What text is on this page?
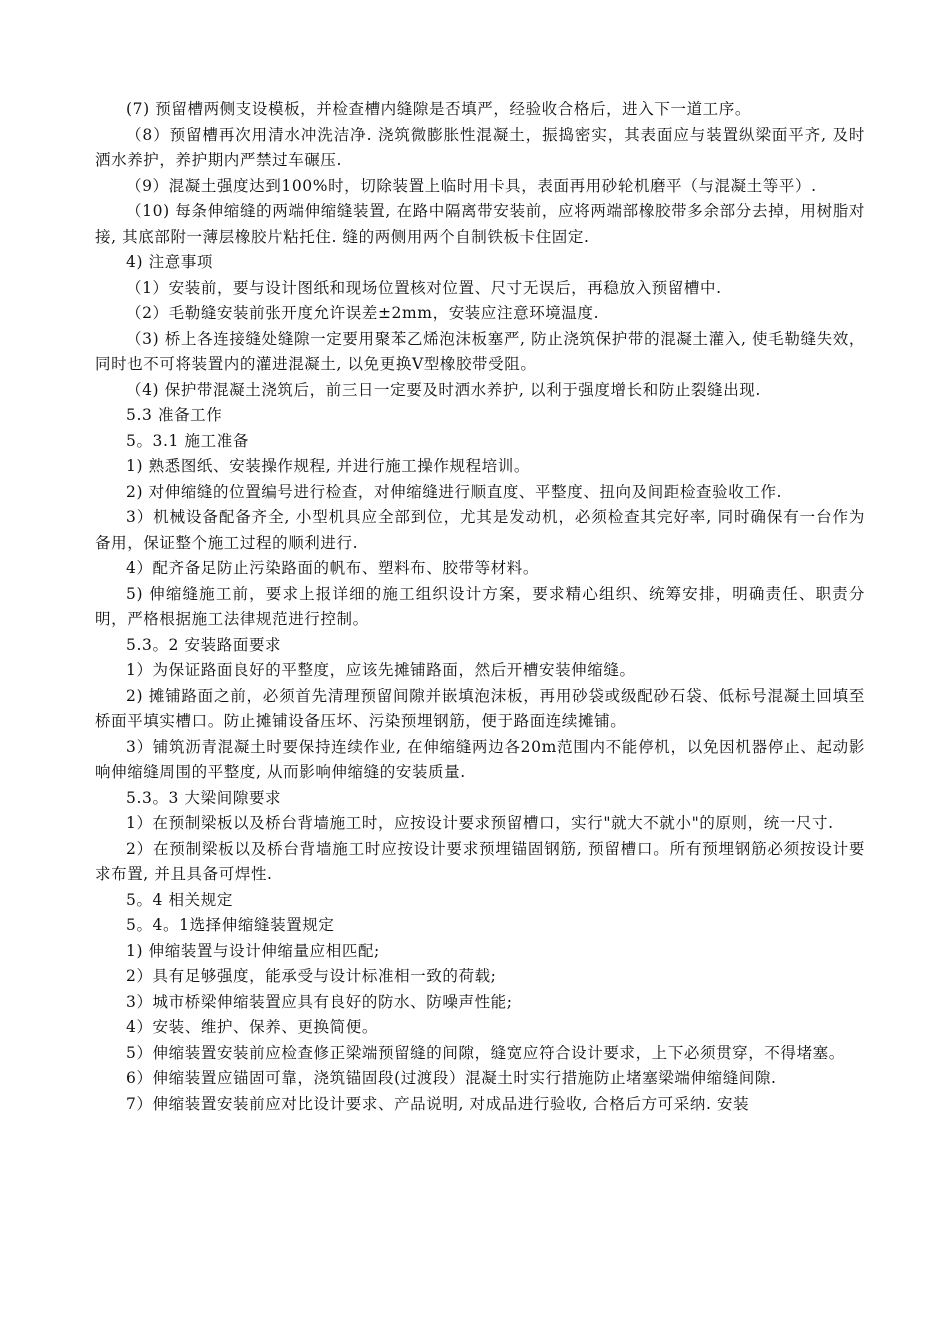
(7) 预留槽两侧支设模板，并检查槽内缝隙是否填严，经验收合格后，进入下一道工序。

（8）预留槽再次用清水冲洗洁净. 浇筑微膨胀性混凝土，振捣密实，其表面应与装置纵梁面平齐, 及时洒水养护，养护期内严禁过车碾压.

（9）混凝土强度达到100%时，切除装置上临时用卡具，表面再用砂轮机磨平（与混凝土等平）.

（10) 每条伸缩缝的两端伸缩缝装置, 在路中隔离带安装前，应将两端部橡胶带多余部分去掉，用树脂对接, 其底部附一薄层橡胶片粘托住. 缝的两侧用两个自制铁板卡住固定.

4) 注意事项

（1）安装前，要与设计图纸和现场位置核对位置、尺寸无误后，再稳放入预留槽中.

（2）毛勒缝安装前张开度允许误差±2mm，安装应注意环境温度.

（3) 桥上各连接缝处缝隙一定要用聚苯乙烯泡沫板塞严, 防止浇筑保护带的混凝土灌入, 使毛勒缝失效，同时也不可将装置内的灌进混凝土, 以免更换V型橡胶带受阻。

（4) 保护带混凝土浇筑后，前三日一定要及时洒水养护, 以利于强度增长和防止裂缝出现.

5.3 准备工作

5。3.1 施工准备

1) 熟悉图纸、安装操作规程, 并进行施工操作规程培训。

2) 对伸缩缝的位置编号进行检查，对伸缩缝进行顺直度、平整度、扭向及间距检查验收工作.

3）机械设备配备齐全, 小型机具应全部到位，尤其是发动机，必须检查其完好率, 同时确保有一台作为备用，保证整个施工过程的顺利进行.

4）配齐备足防止污染路面的帆布、塑料布、胶带等材料。

5) 伸缩缝施工前，要求上报详细的施工组织设计方案，要求精心组织、统筹安排，明确责任、职责分明，严格根据施工法律规范进行控制。

5.3。2 安装路面要求

1）为保证路面良好的平整度，应该先摊铺路面，然后开槽安装伸缩缝。

2) 摊铺路面之前，必须首先清理预留间隙并嵌填泡沫板，再用砂袋或级配砂石袋、低标号混凝土回填至桥面平填实槽口。防止摊铺设备压坏、污染预埋钢筋，便于路面连续摊铺。

3）铺筑沥青混凝土时要保持连续作业, 在伸缩缝两边各20m范围内不能停机，以免因机器停止、起动影响伸缩缝周围的平整度, 从而影响伸缩缝的安装质量.

5.3。3 大梁间隙要求

1）在预制梁板以及桥台背墙施工时，应按设计要求预留槽口，实行"就大不就小"的原则，统一尺寸.

2）在预制梁板以及桥台背墙施工时应按设计要求预埋锚固钢筋, 预留槽口。所有预埋钢筋必须按设计要求布置, 并且具备可焊性.

5。4 相关规定

5。4。1选择伸缩缝装置规定

1) 伸缩装置与设计伸缩量应相匹配;

2）具有足够强度，能承受与设计标准相一致的荷载;

3）城市桥梁伸缩装置应具有良好的防水、防噪声性能;

4）安装、维护、保养、更换简便。

5）伸缩装置安装前应检查修正梁端预留缝的间隙，缝宽应符合设计要求，上下必须贯穿，不得堵塞。

6）伸缩装置应锚固可靠，浇筑锚固段(过渡段）混凝土时实行措施防止堵塞梁端伸缩缝间隙.

7）伸缩装置安装前应对比设计要求、产品说明, 对成品进行验收, 合格后方可采纳. 安装
